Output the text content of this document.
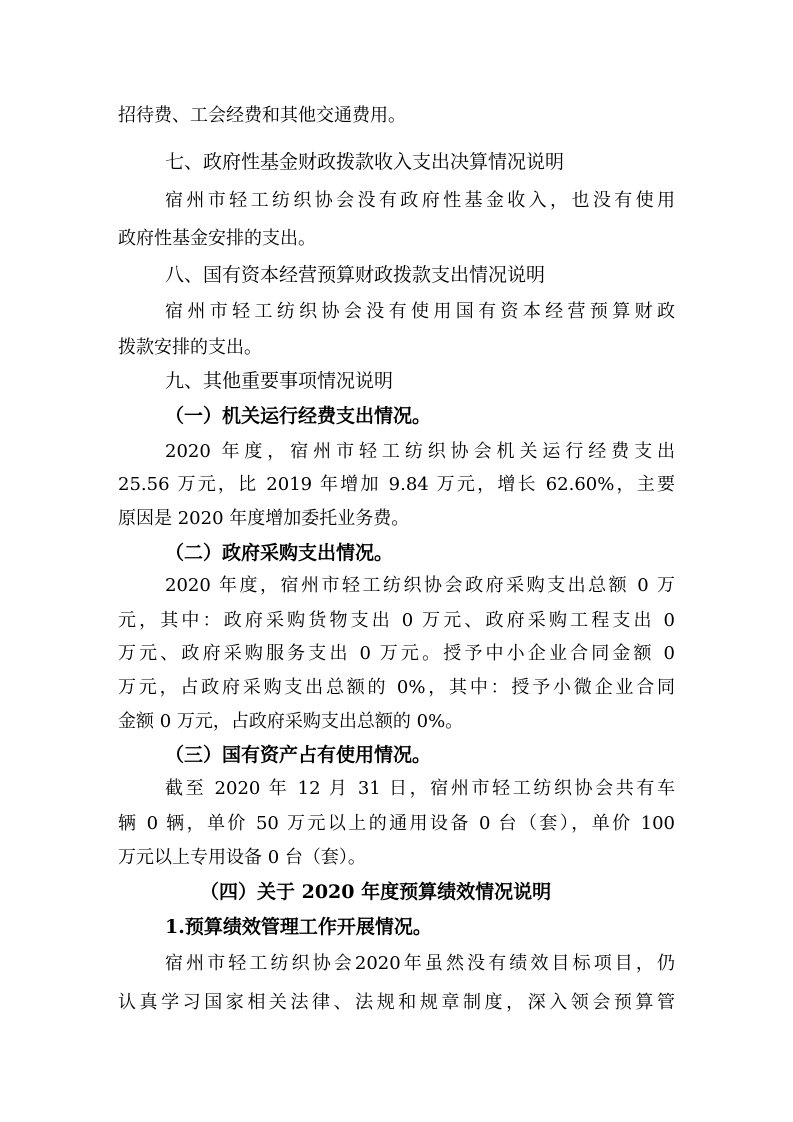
招待费、工会经费和其他交通费用。
七、政府性基金财政拨款收入支出决算情况说明
宿州市轻工纺织协会没有政府性基金收入，也没有使用
政府性基金安排的支出。
八、国有资本经营预算财政拨款支出情况说明
宿州市轻工纺织协会没有使用国有资本经营预算财政
拨款安排的支出。
九、其他重要事项情况说明
（一）机关运行经费支出情况。
2020 年度，宿州市轻工纺织协会机关运行经费支出
25.56 万元，比 2019 年增加 9.84 万元，增长 62.60%，主要
原因是 2020 年度增加委托业务费。
（二）政府采购支出情况。
2020 年度，宿州市轻工纺织协会政府采购支出总额 0 万
元，其中：政府采购货物支出 0 万元、政府采购工程支出 0
万元、政府采购服务支出 0 万元。授予中小企业合同金额 0
万元，占政府采购支出总额的 0%，其中：授予小微企业合同
金额 0 万元，占政府采购支出总额的 0%。
（三）国有资产占有使用情况。
截至 2020 年 12 月 31 日，宿州市轻工纺织协会共有车
辆 0 辆，单价 50 万元以上的通用设备 0 台（套），单价 100
万元以上专用设备 0 台（套）。
（四）关于 2020 年度预算绩效情况说明
1.预算绩效管理工作开展情况。
宿州市轻工纺织协会2020年虽然没有绩效目标项目，仍
认真学习国家相关法律、法规和规章制度，深入领会预算管
